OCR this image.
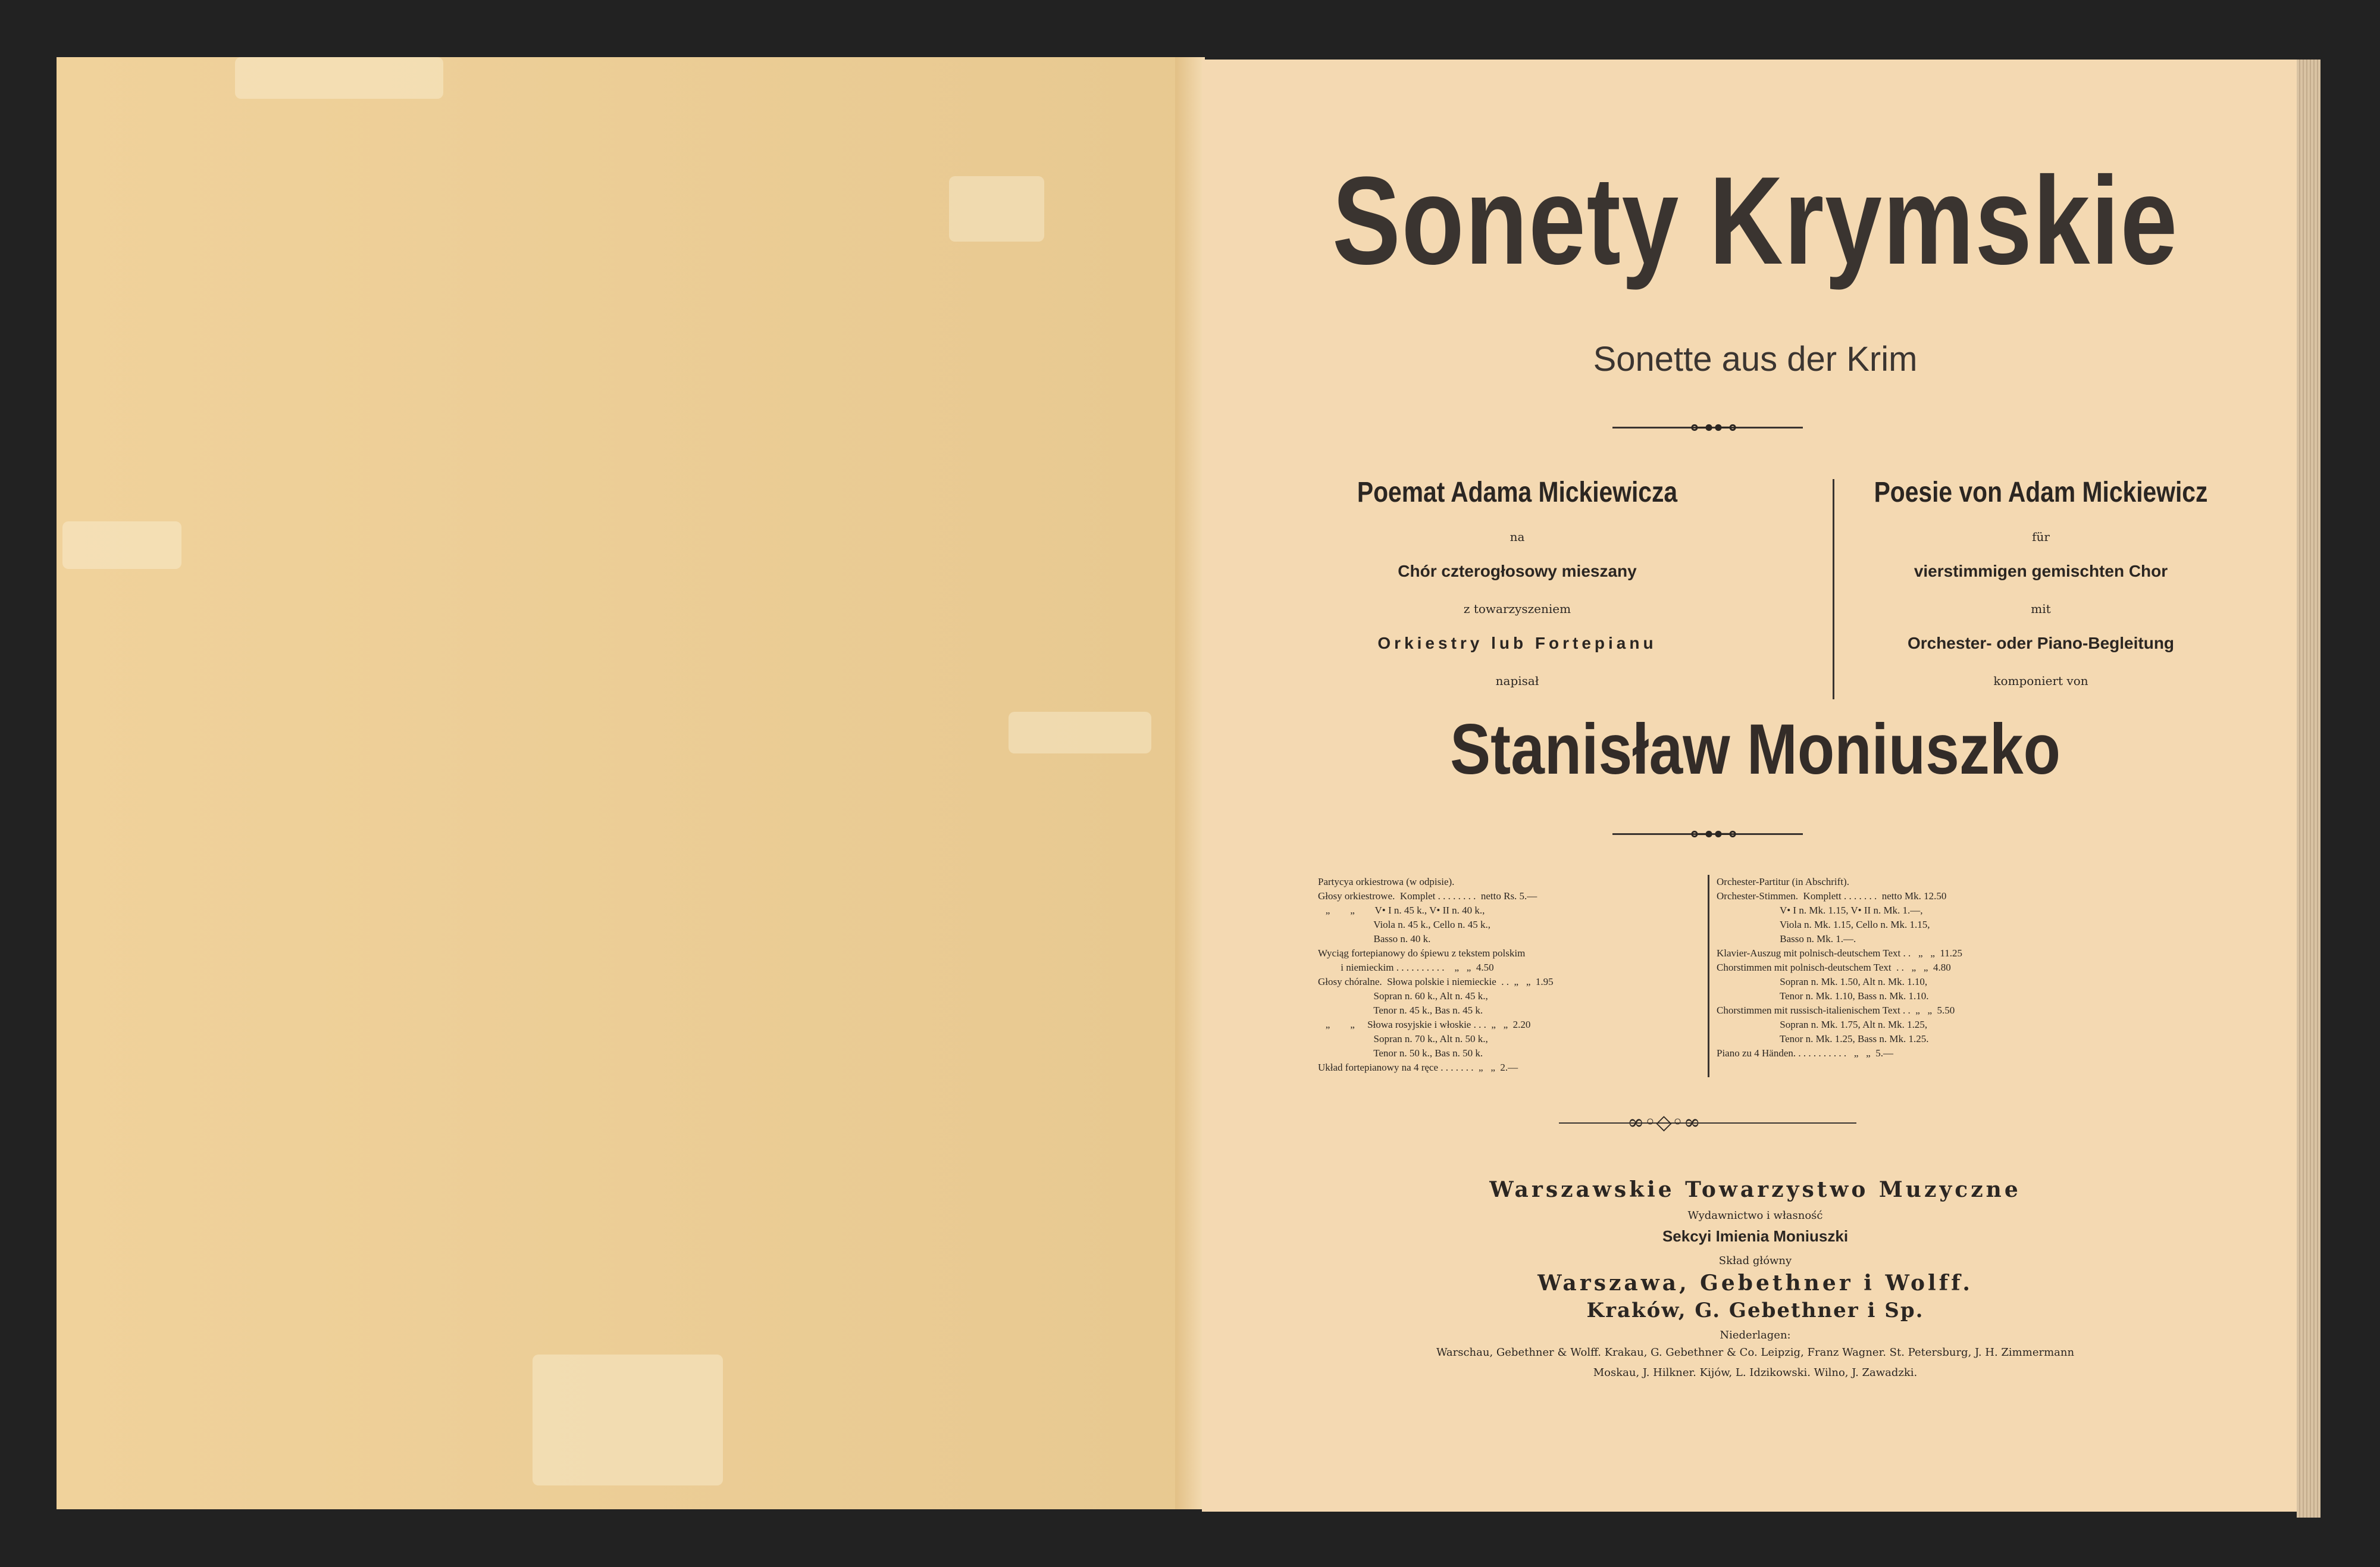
Sonety Krymskie
Sonette aus der Krim
⊶⊷
Poemat Adama Mickiewicza
na
Chór czterogłosowy mieszany
z towarzyszeniem
Orkiestry lub Fortepianu
napisał
Poesie von Adam Mickiewicz
für
vierstimmigen gemischten Chor
mit
Orchester- oder Piano-Begleitung
komponiert von
Stanisław Moniuszko
⊶⊷
Partycya orkiestrowa (w odpisie).
Głosy orkiestrowe.  Komplet . . . . . . . .  netto Rs. 5.—
„        „        V• I n. 45 k., V• II n. 40 k.,
Viola n. 45 k., Cello n. 45 k.,
Basso n. 40 k.
Wyciąg fortepianowy do śpiewu z tekstem polskim
i niemieckim . . . . . . . . . .    „   „  4.50
Głosy chóralne.  Słowa polskie i niemieckie  . .  „   „  1.95
Sopran n. 60 k., Alt n. 45 k.,
Tenor n. 45 k., Bas n. 45 k.
„        „     Słowa rosyjskie i włoskie . . .  „   „  2.20
Sopran n. 70 k., Alt n. 50 k.,
Tenor n. 50 k., Bas n. 50 k.
Układ fortepianowy na 4 ręce . . . . . . .  „   „  2.—
Orchester-Partitur (in Abschrift).
Orchester-Stimmen.  Komplett . . . . . . .  netto Mk. 12.50
V• I n. Mk. 1.15, V• II n. Mk. 1.—,
Viola n. Mk. 1.15, Cello n. Mk. 1.15,
Basso n. Mk. 1.—.
Klavier-Auszug mit polnisch-deutschem Text . .   „   „  11.25
Chorstimmen mit polnisch-deutschem Text  . .   „   „  4.80
Sopran n. Mk. 1.50, Alt n. Mk. 1.10,
Tenor n. Mk. 1.10, Bass n. Mk. 1.10.
Chorstimmen mit russisch-italienischem Text . .  „   „  5.50
Sopran n. Mk. 1.75, Alt n. Mk. 1.25,
Tenor n. Mk. 1.25, Bass n. Mk. 1.25.
Piano zu 4 Händen. . . . . . . . . . .   „   „  5.—
∞◦◇◦∞
Warszawskie Towarzystwo Muzyczne
Wydawnictwo i własność
Sekcyi Imienia Moniuszki
Skład główny
Warszawa, Gebethner i Wolff.
Kraków, G. Gebethner i Sp.
Niederlagen:
Warschau, Gebethner & Wolff. Krakau, G. Gebethner & Co. Leipzig, Franz Wagner. St. Petersburg, J. H. Zimmermann
Moskau, J. Hilkner. Kijów, L. Idzikowski. Wilno, J. Zawadzki.
